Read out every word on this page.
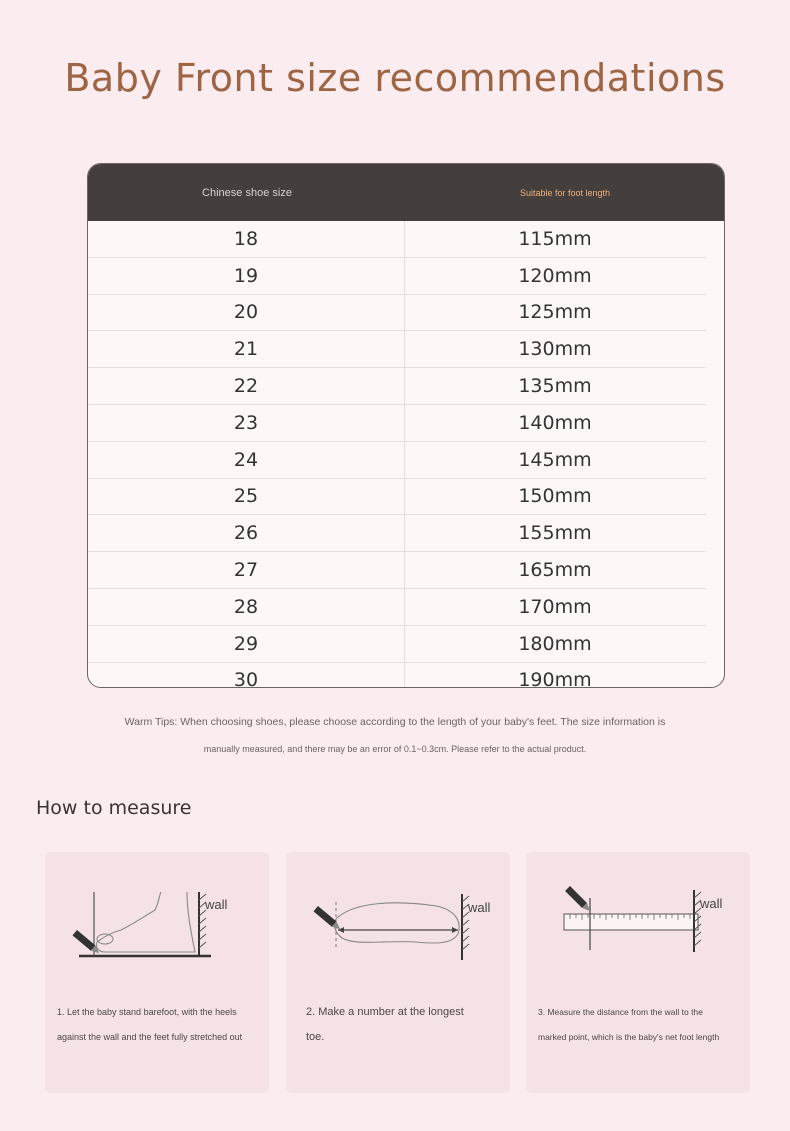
Baby Front size recommendations
Chinese shoe size	Suitable for foot length
18	115mm
19	120mm
20	125mm
21	130mm
22	135mm
23	140mm
24	145mm
25	150mm
26	155mm
27	165mm
28	170mm
29	180mm
30	190mm
Warm Tips: When choosing shoes, please choose according to the length of your baby's feet. The size information is
manually measured, and there may be an error of 0.1~0.3cm. Please refer to the actual product.
How to measure
wall
1. Let the baby stand barefoot, with the heels
against the wall and the feet fully stretched out
wall
2. Make a number at the longest
toe.
wall
3. Measure the distance from the wall to the
marked point, which is the baby's net foot length
